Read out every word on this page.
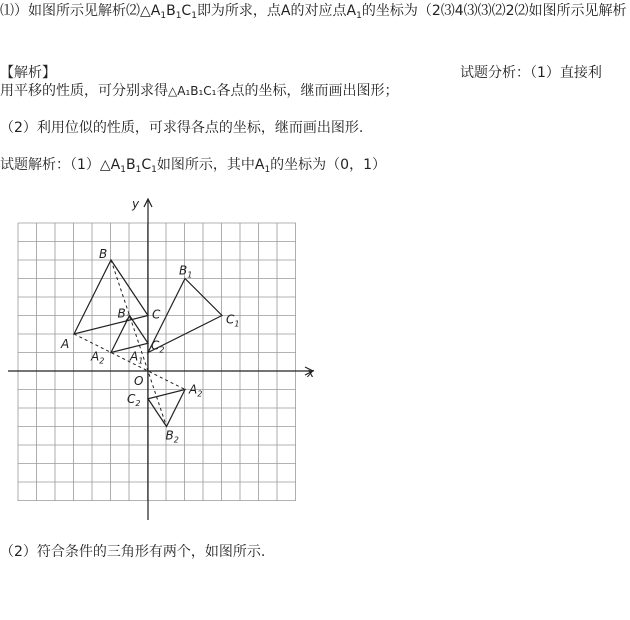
⑴）如图所示见解析$⑵\triangle A_1B_1C_1$即为所求，点A的对应点$A_1$的坐标为（2⑶4⑶⑶⑵2⑵如图所示见解析
【解析】	试题分析：（1）直接利
用平移的性质，可分别求得△A₁B₁C₁各点的坐标，继而画出图形；
（2）利用位似的性质，可求得各点的坐标，继而画出图形.
试题解析：$(1)\triangle A_1B_1C_1$如图所示，其中$A_1$的坐标为（0，1）
A
B
C
$A_1$
$B_1$
$C_1$
$A_2$
$B_2$
$C_2$
$A_2$
$B_2$
$C_2$
O
x
y
（2）符合条件的三角形有两个，如图所示.
